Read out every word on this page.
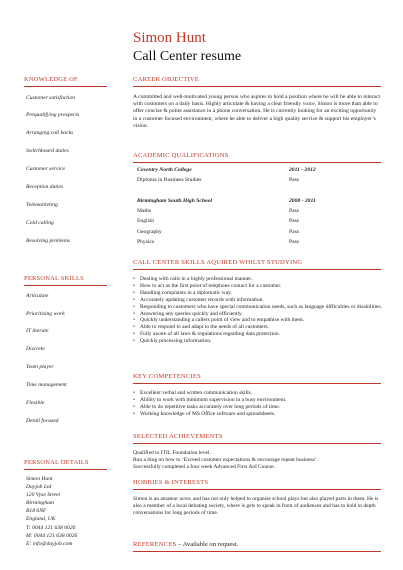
Simon Hunt
Call Center resume
KNOWLEDGE OF
Customer satisfaction
Prequalifying prospects
Arranging call backs
Switchboard duties
Customer service
Reception duties
Telemarketing
Cold calling
Resolving problems
PERSONAL SKILLS
Articulate
Prioritising work
IT literate
Discrete
Team player
Time management
Flexible
Detail focused
PERSONAL DETAILS
Simon Hunt
Dayjob Ltd
120 Vyse Street
Birmingham
B18 6NF
England, UK
T: 0044 121 638 0026
M: 0044 121 638 0026
E: info@dayjob.com
CAREER OBJECTIVE
A committed and well-motivated young person who aspires to hold a position where he will be able to interact with customers on a daily basis. Highly articulate & having a clear friendly voice, Simon is more than able to offer concise & polite assistance in a phone conversation. He is currently looking for an exciting opportunity in a customer focused environment, where he able to deliver a high quality service & support his employer’s vision.
ACADEMIC QUALIFICATIONS
Coventry North College	2011 - 2012
Diploma in Business Studies	Pass
Birmingham South High School	2008 - 2011
Maths	Pass
English	Pass
Geography	Pass
Physics	Pass
CALL CENTER SKILLS AQUIRED WHILST STUDYING
• Dealing with calls in a highly professional manner.
• How to act as the first point of telephone contact for a customer.
• Handling complaints in a diplomatic way.
• Accurately updating customer records with information.
• Responding to customers who have special communication needs, such as language difficulties or disabilities.
• Answering any queries quickly and efficiently.
• Quickly understanding a callers point of view and to empathise with them.
• Able to respond to and adapt to the needs of all customers.
• Fully aware of all laws & regulations regarding data protection.
• Quickly processing information.
KEY COMPETENCIES
• Excellent verbal and written communication skills.
• Ability to work with minimum supervision in a busy environment.
• Able to do repetitive tasks accurately over long periods of time.
• Working knowledge of MS Office software and spreadsheets.
SELECTED ACHIEVEMENTS
Qualified to ITIL Foundation level.
Run a blog on how to ‘Exceed customer expectations & encourage repeat business’.
Successfully completed a four week Advanced First Aid Course.
HOBBIES & INTERESTS
Simon is an amateur actor, and has not only helped to organise school plays but also played parts in them. He is also a member of a local debating society, where is gets to speak in front of audiences and has to hold in depth conversations for long periods of time.
REFERENCES – Available on request.
